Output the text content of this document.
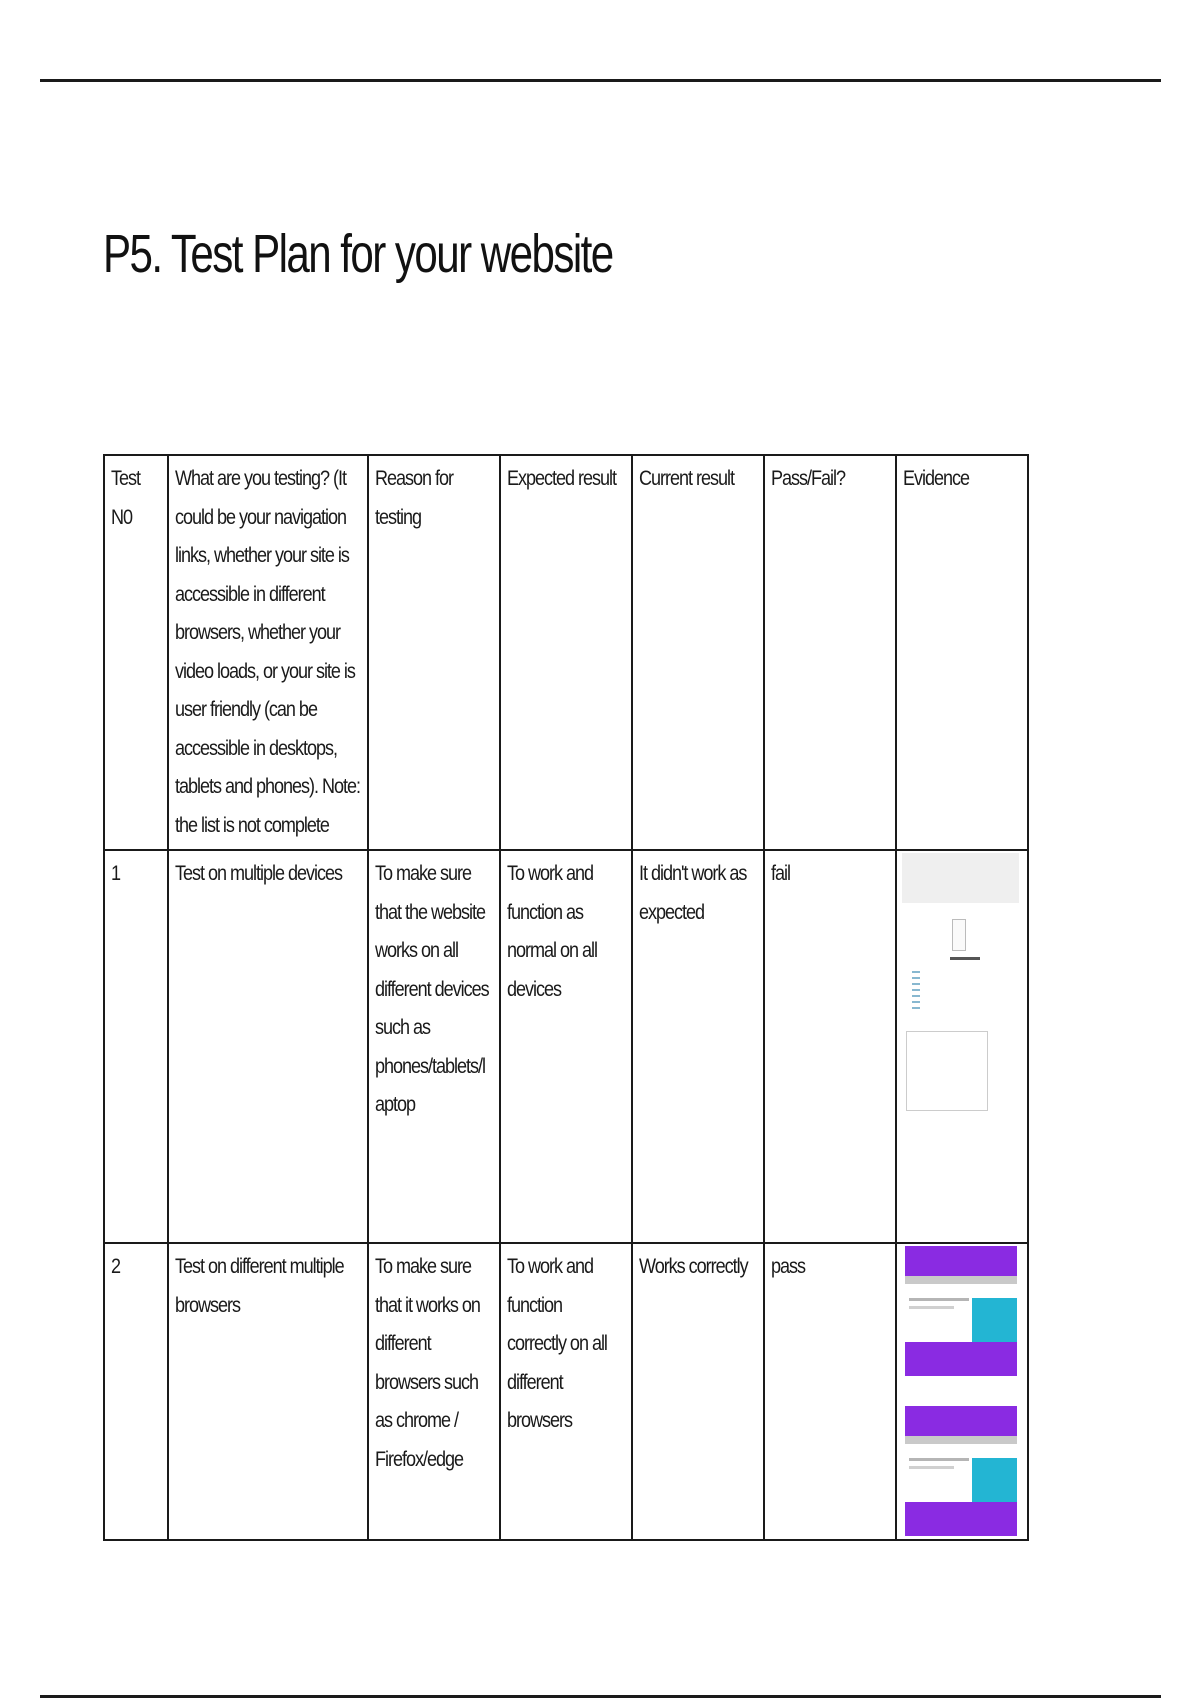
P5. Test Plan for your website
Test N0	What are you testing? (It could be your navigation links, whether your site is accessible in different browsers, whether your video loads, or your site is user friendly (can be accessible in desktops, tablets and phones). Note: the list is not complete	Reason for testing	Expected result	Current result	Pass/Fail?	Evidence

1	Test on multiple devices	To make sure that the website works on all different devices such as phones/tablets/laptop	To work and function as normal on all devices	It didn't work as expected	fail	

2	Test on different multiple browsers	To make sure that it works on different browsers such as chrome / Firefox/edge	To work and function correctly on all different browsers	Works correctly	pass	
